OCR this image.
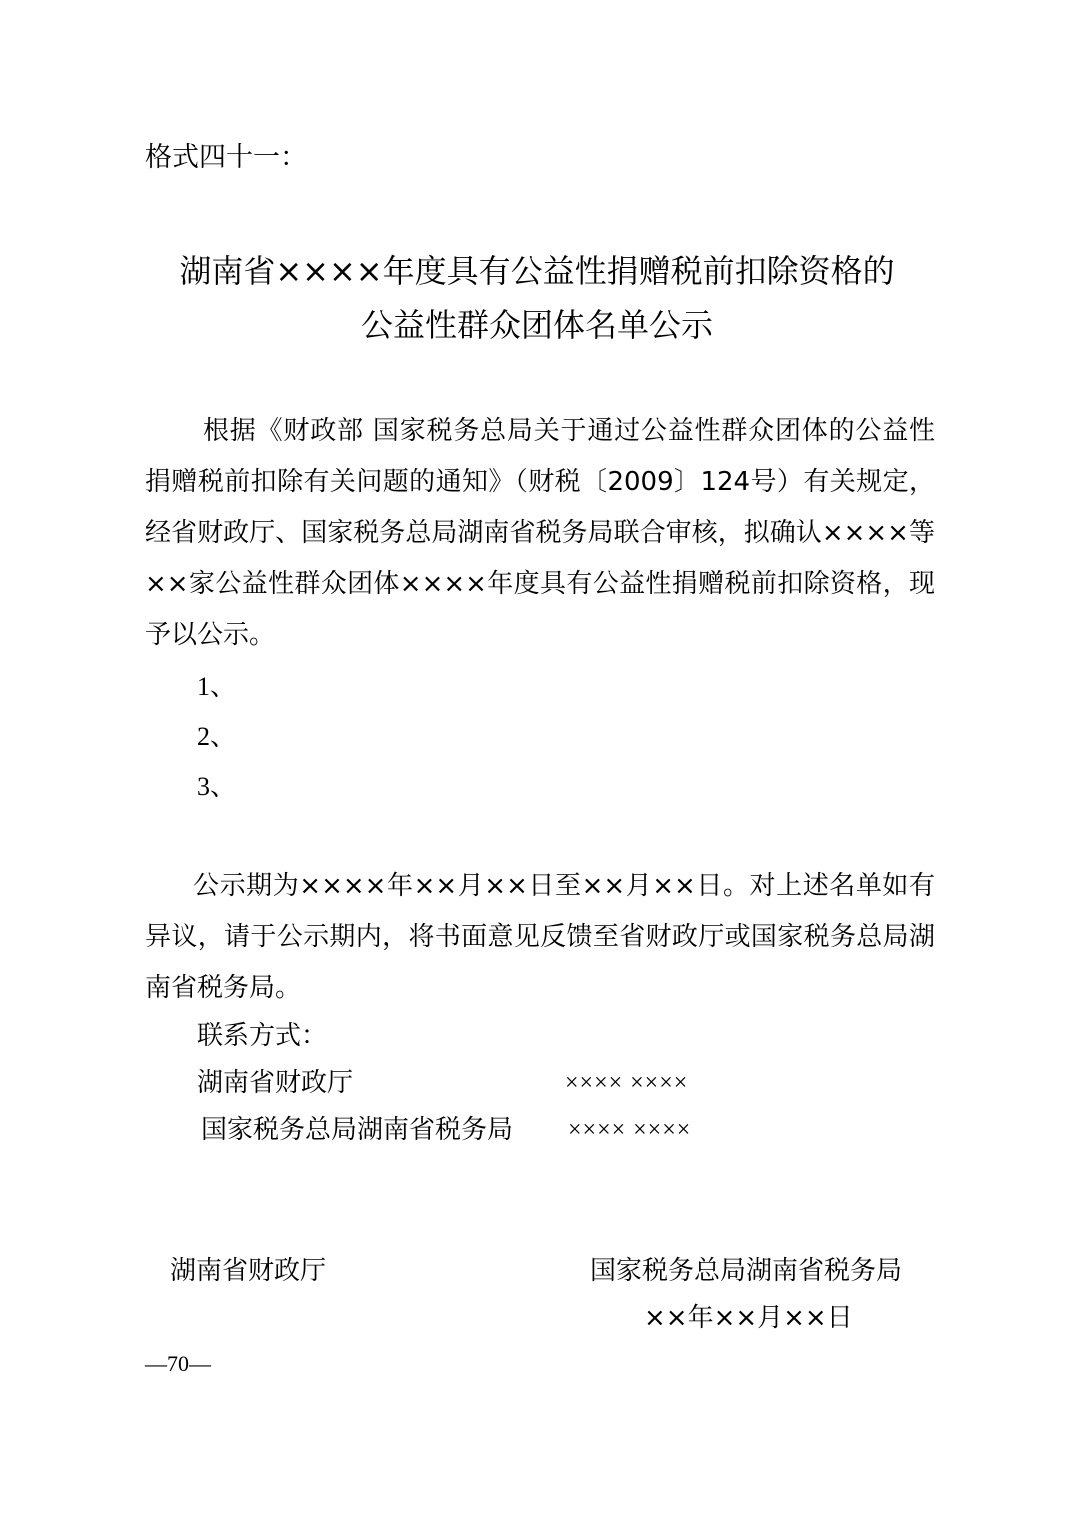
格式四十一：
湖南省××××年度具有公益性捐赠税前扣除资格的
公益性群众团体名单公示
根据《财政部 国家税务总局关于通过公益性群众团体的公益性捐赠税前扣除有关问题的通知》（财税〔2009〕124号）有关规定，经省财政厅、国家税务总局湖南省税务局联合审核，拟确认××××等××家公益性群众团体××××年度具有公益性捐赠税前扣除资格，现予以公示。
1、
2、
3、
公示期为××××年××月××日至××月××日。对上述名单如有异议，请于公示期内，将书面意见反馈至省财政厅或国家税务总局湖南省税务局。
联系方式：
湖南省财政厅	×××× ××××
国家税务总局湖南省税务局 ×××× ××××
湖南省财政厅	国家税务总局湖南省税务局
××年××月××日
—70—
